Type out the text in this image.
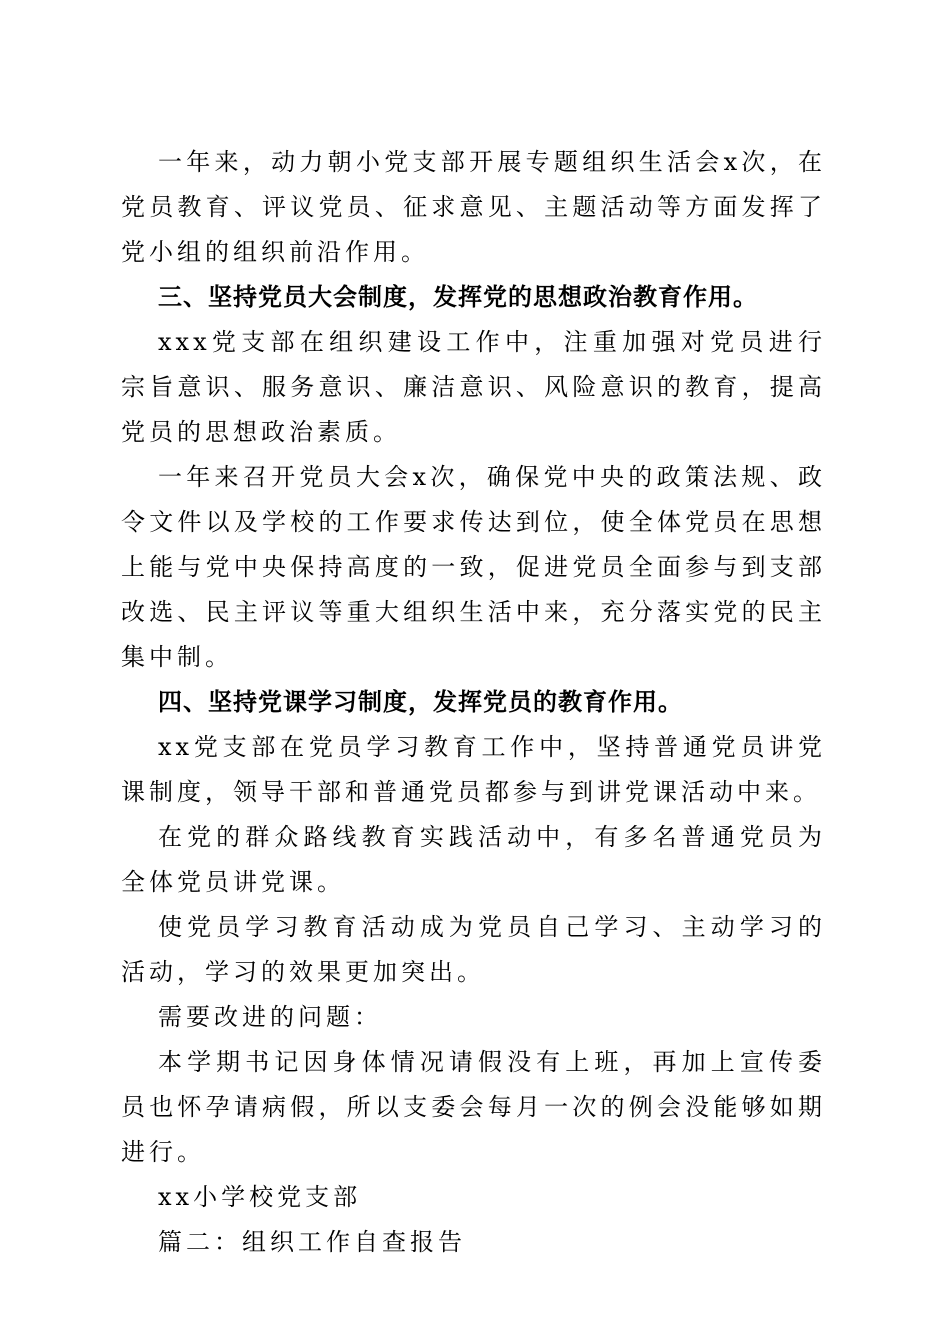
一年来，动力朝小党支部开展专题组织生活会x次，在党员教育、评议党员、征求意见、主题活动等方面发挥了党小组的组织前沿作用。

三、坚持党员大会制度，发挥党的思想政治教育作用。

xxx党支部在组织建设工作中，注重加强对党员进行宗旨意识、服务意识、廉洁意识、风险意识的教育，提高党员的思想政治素质。

一年来召开党员大会x次，确保党中央的政策法规、政令文件以及学校的工作要求传达到位，使全体党员在思想上能与党中央保持高度的一致，促进党员全面参与到支部改选、民主评议等重大组织生活中来，充分落实党的民主集中制。

四、坚持党课学习制度，发挥党员的教育作用。

xx党支部在党员学习教育工作中，坚持普通党员讲党课制度，领导干部和普通党员都参与到讲党课活动中来。

在党的群众路线教育实践活动中，有多名普通党员为全体党员讲党课。

使党员学习教育活动成为党员自己学习、主动学习的活动，学习的效果更加突出。

需要改进的问题：

本学期书记因身体情况请假没有上班，再加上宣传委员也怀孕请病假，所以支委会每月一次的例会没能够如期进行。

xx小学校党支部

篇二：组织工作自查报告
